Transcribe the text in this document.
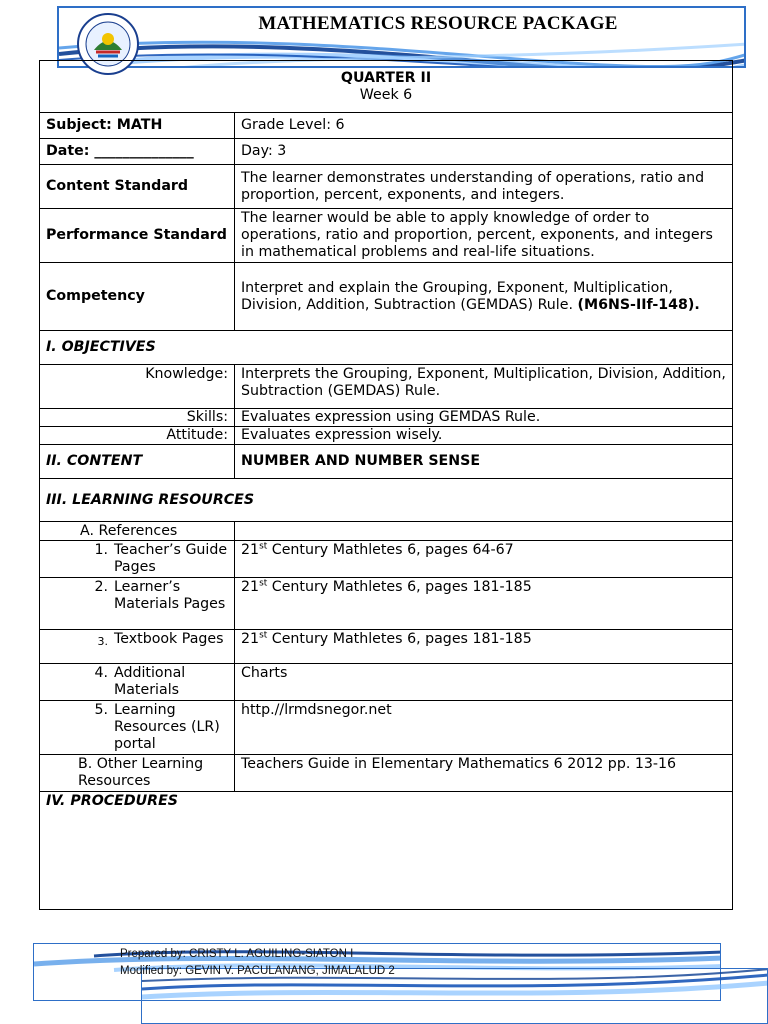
MATHEMATICS RESOURCE PACKAGE
QUARTER II
Week 6	

Subject: MATH	Grade Level: 6
Date: ______________	Day: 3
Content Standard	The learner demonstrates understanding of operations, ratio and proportion, percent, exponents, and integers.
Performance Standard	The learner would be able to apply knowledge of order to operations, ratio and proportion, percent, exponents, and integers in mathematical problems and real-life situations.
Competency	Interpret and explain the Grouping, Exponent, Multiplication, Division, Addition, Subtraction (GEMDAS) Rule. (M6NS-IIf-148).
I. OBJECTIVES	
Knowledge:	Interprets the Grouping, Exponent, Multiplication, Division, Addition, Subtraction (GEMDAS) Rule.
Skills:	Evaluates expression using GEMDAS Rule.
Attitude:	Evaluates expression wisely.
II. CONTENT	NUMBER AND NUMBER SENSE
III. LEARNING RESOURCES	
A. References	

1. Teacher’s Guide Pages	21st Century Mathletes 6, pages 64-67

2. Learner’s Materials Pages	21st Century Mathletes 6, pages 181-185

3. Textbook Pages	21st Century Mathletes 6, pages 181-185

4. Additional Materials	Charts

5. Learning Resources (LR) portal	http.//lrmdsnegor.net
B. Other Learning Resources	Teachers Guide in Elementary Mathematics 6 2012 pp. 13-16
IV. PROCEDURES	
Prepared by: CRISTY L. AGUILING-SIATON I
Modified by: GEVIN V. PACULANANG, JIMALALUD 2
